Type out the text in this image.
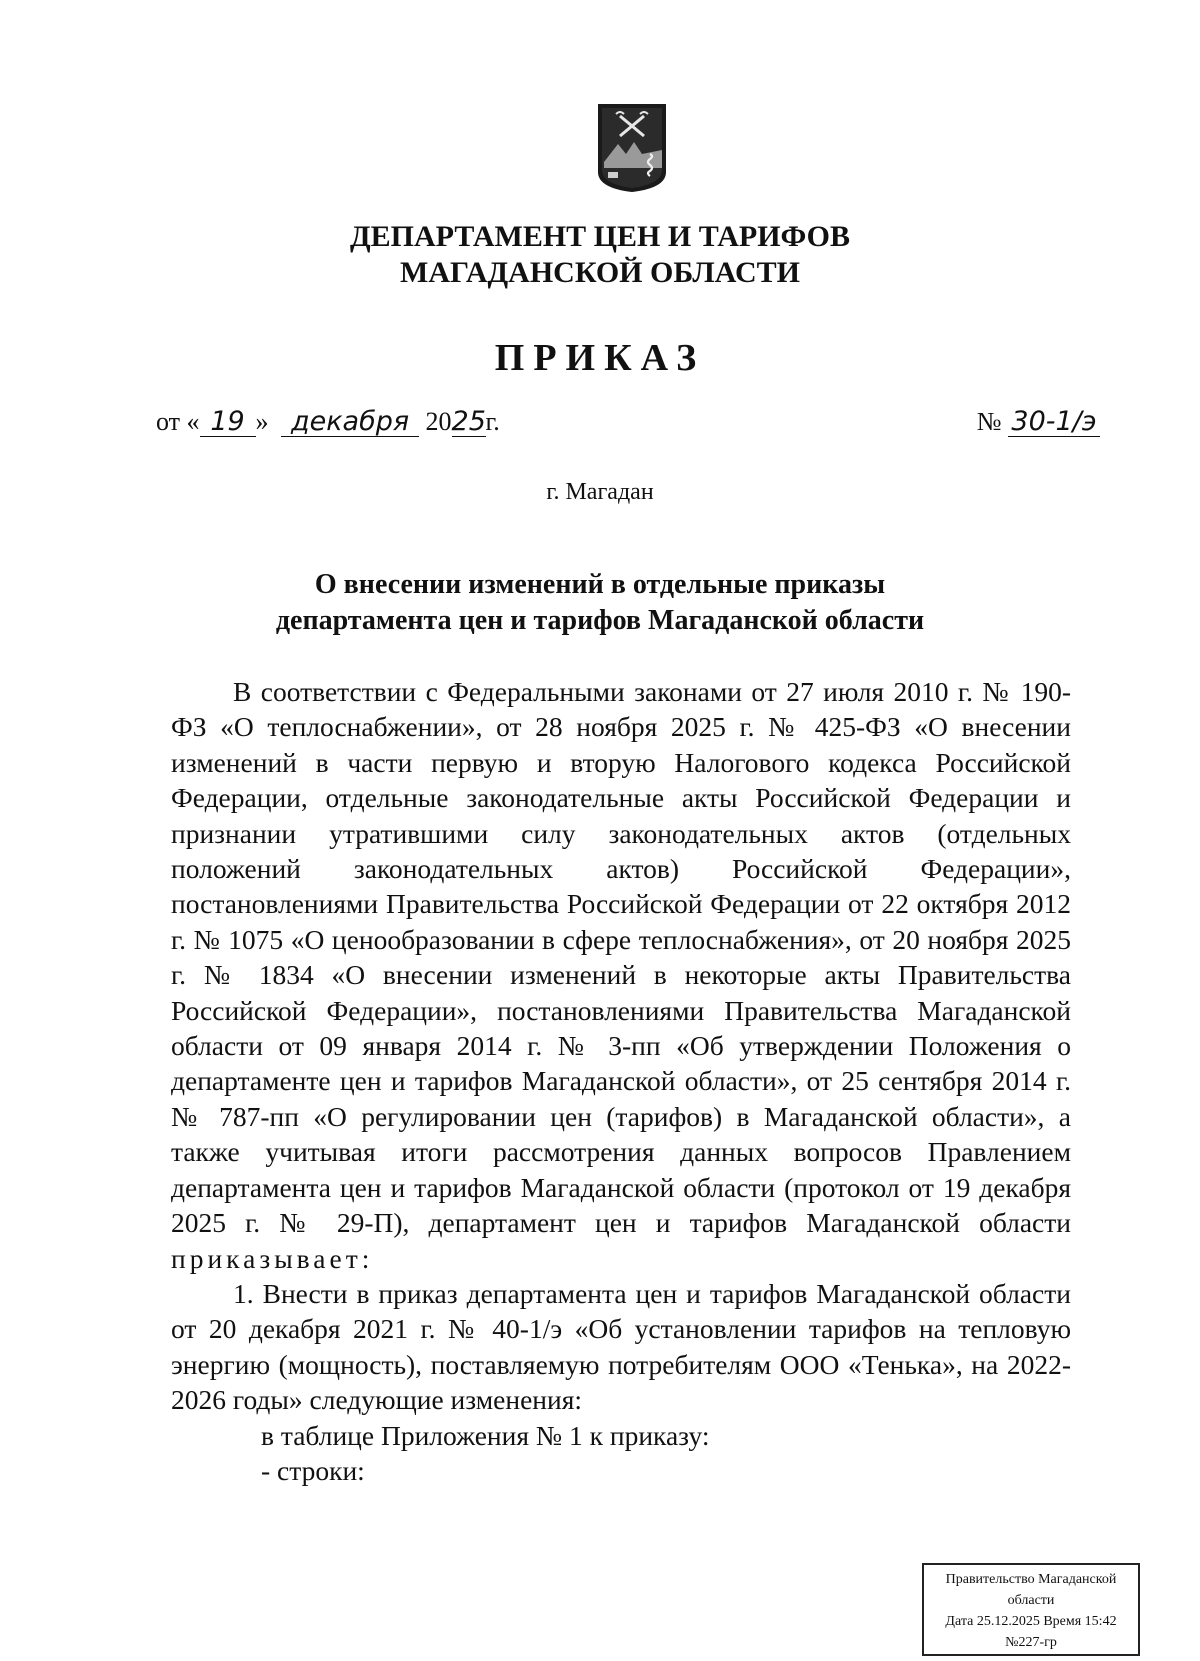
ДЕПАРТАМЕНТ ЦЕН И ТАРИФОВ
МАГАДАНСКОЙ ОБЛАСТИ
ПРИКАЗ
от « 19 » декабря 2025г.	№ 30-1/э
г. Магадан
О внесении изменений в отдельные приказы
департамента цен и тарифов Магаданской области

В соответствии с Федеральными законами от 27 июля 2010 г. № 190-ФЗ «О теплоснабжении», от 28 ноября 2025 г. № 425-ФЗ «О внесении изменений в части первую и вторую Налогового кодекса Российской Федерации, отдельные законодательные акты Российской Федерации и признании утратившими силу законодательных актов (отдельных положений законодательных актов) Российской Федерации», постановлениями Правительства Российской Федерации от 22 октября 2012 г. № 1075 «О ценообразовании в сфере теплоснабжения», от 20 ноября 2025 г. № 1834 «О внесении изменений в некоторые акты Правительства Российской Федерации», постановлениями Правительства Магаданской области от 09 января 2014 г. № 3-пп «Об утверждении Положения о департаменте цен и тарифов Магаданской области», от 25 сентября 2014 г. № 787-пп «О регулировании цен (тарифов) в Магаданской области», а также учитывая итоги рассмотрения данных вопросов Правлением департамента цен и тарифов Магаданской области (протокол от 19 декабря 2025 г. № 29-П), департамент цен и тарифов Магаданской области приказывает:

1. Внести в приказ департамента цен и тарифов Магаданской области от 20 декабря 2021 г. № 40-1/э «Об установлении тарифов на тепловую энергию (мощность), поставляемую потребителям ООО «Тенька», на 2022-2026 годы» следующие изменения:

в таблице Приложения № 1 к приказу:

- строки:

Правительство Магаданской
области
Дата 25.12.2025 Время 15:42
№227-гр
